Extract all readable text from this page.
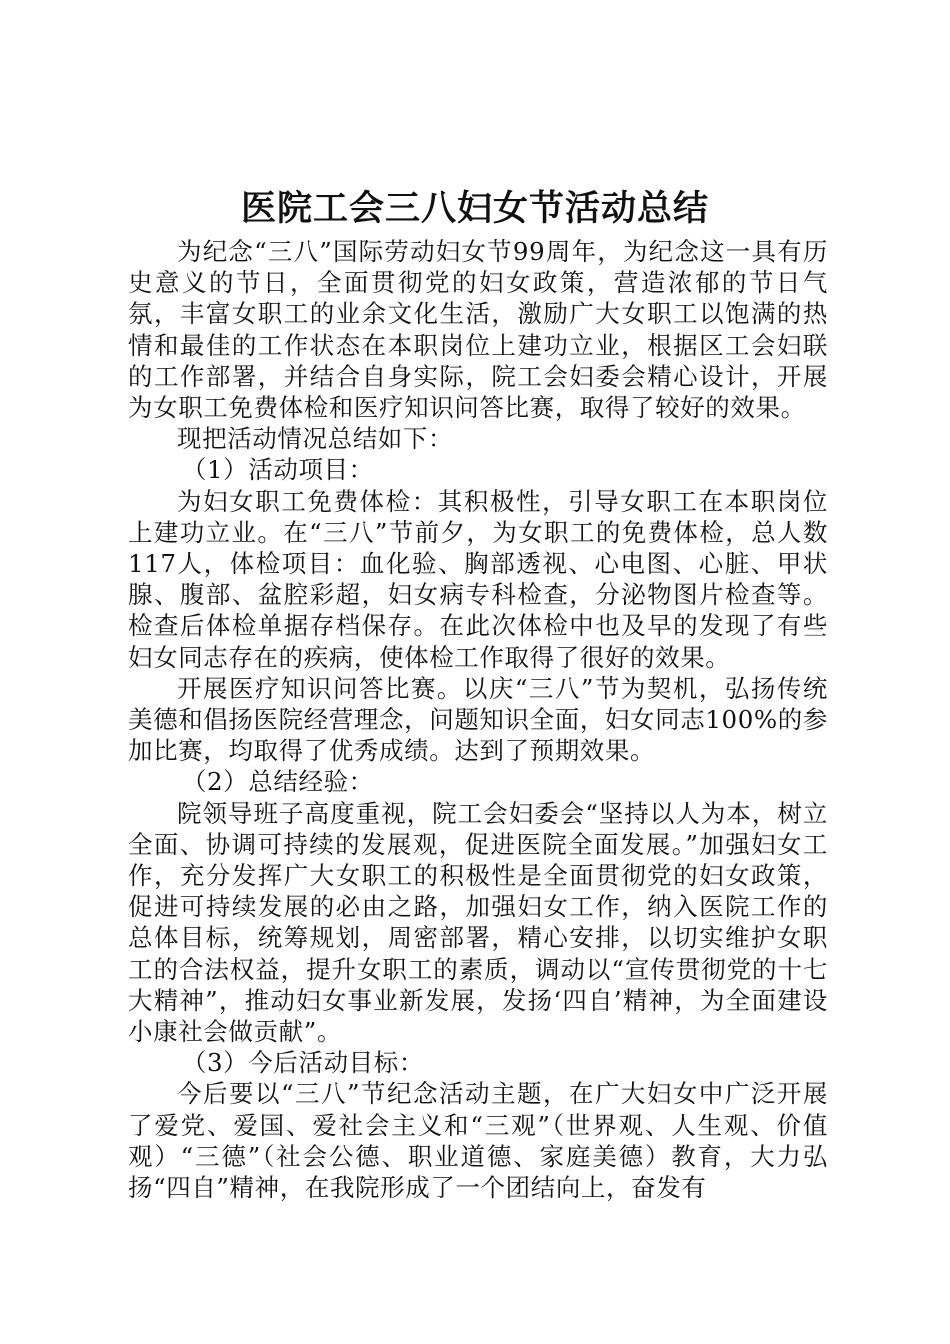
医院工会三八妇女节活动总结

为纪念“三八”国际劳动妇女节99周年，为纪念这一具有历史意义的节日，全面贯彻党的妇女政策，营造浓郁的节日气氛，丰富女职工的业余文化生活，激励广大女职工以饱满的热情和最佳的工作状态在本职岗位上建功立业，根据区工会妇联的工作部署，并结合自身实际，院工会妇委会精心设计，开展为女职工免费体检和医疗知识问答比赛，取得了较好的效果。

现把活动情况总结如下：

（1）活动项目：

为妇女职工免费体检：其积极性，引导女职工在本职岗位上建功立业。在“三八”节前夕，为女职工的免费体检，总人数117人，体检项目：血化验、胸部透视、心电图、心脏、甲状腺、腹部、盆腔彩超，妇女病专科检查，分泌物图片检查等。检查后体检单据存档保存。在此次体检中也及早的发现了有些妇女同志存在的疾病，使体检工作取得了很好的效果。

开展医疗知识问答比赛。以庆“三八”节为契机，弘扬传统美德和倡扬医院经营理念，问题知识全面，妇女同志100%的参加比赛，均取得了优秀成绩。达到了预期效果。

（2）总结经验：

院领导班子高度重视，院工会妇委会“坚持以人为本，树立全面、协调可持续的发展观，促进医院全面发展。”加强妇女工作，充分发挥广大女职工的积极性是全面贯彻党的妇女政策，促进可持续发展的必由之路，加强妇女工作，纳入医院工作的总体目标，统筹规划，周密部署，精心安排，以切实维护女职工的合法权益，提升女职工的素质，调动以“宣传贯彻党的十七大精神”，推动妇女事业新发展，发扬‘四自’精神，为全面建设小康社会做贡献”。

（3）今后活动目标：

今后要以“三八”节纪念活动主题，在广大妇女中广泛开展了爱党、爱国、爱社会主义和“三观”（世界观、人生观、价值观）“三德”（社会公德、职业道德、家庭美德）教育，大力弘扬“四自”精神，在我院形成了一个团结向上，奋发有
